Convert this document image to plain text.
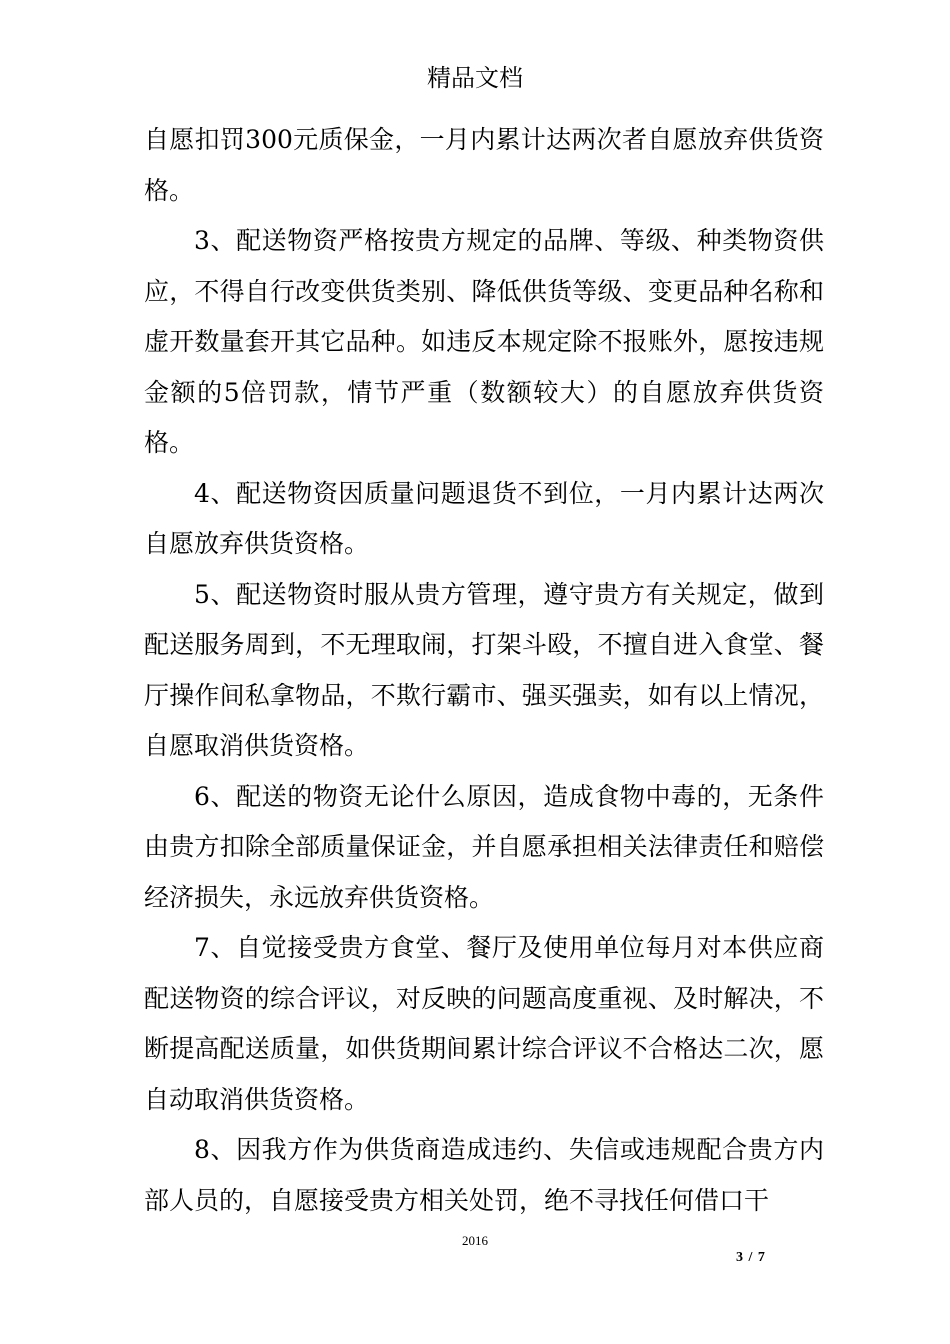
精品文档

自愿扣罚300元质保金，一月内累计达两次者自愿放弃供货资格。

3、配送物资严格按贵方规定的品牌、等级、种类物资供应，不得自行改变供货类别、降低供货等级、变更品种名称和虚开数量套开其它品种。如违反本规定除不报账外，愿按违规金额的5倍罚款，情节严重（数额较大）的自愿放弃供货资格。

4、配送物资因质量问题退货不到位，一月内累计达两次自愿放弃供货资格。

5、配送物资时服从贵方管理，遵守贵方有关规定，做到配送服务周到，不无理取闹，打架斗殴，不擅自进入食堂、餐厅操作间私拿物品，不欺行霸市、强买强卖，如有以上情况，自愿取消供货资格。

6、配送的物资无论什么原因，造成食物中毒的，无条件由贵方扣除全部质量保证金，并自愿承担相关法律责任和赔偿经济损失，永远放弃供货资格。

7、自觉接受贵方食堂、餐厅及使用单位每月对本供应商配送物资的综合评议，对反映的问题高度重视、及时解决，不断提高配送质量，如供货期间累计综合评议不合格达二次，愿自动取消供货资格。

8、因我方作为供货商造成违约、失信或违规配合贵方内部人员的，自愿接受贵方相关处罚，绝不寻找任何借口干

2016
3 / 7
